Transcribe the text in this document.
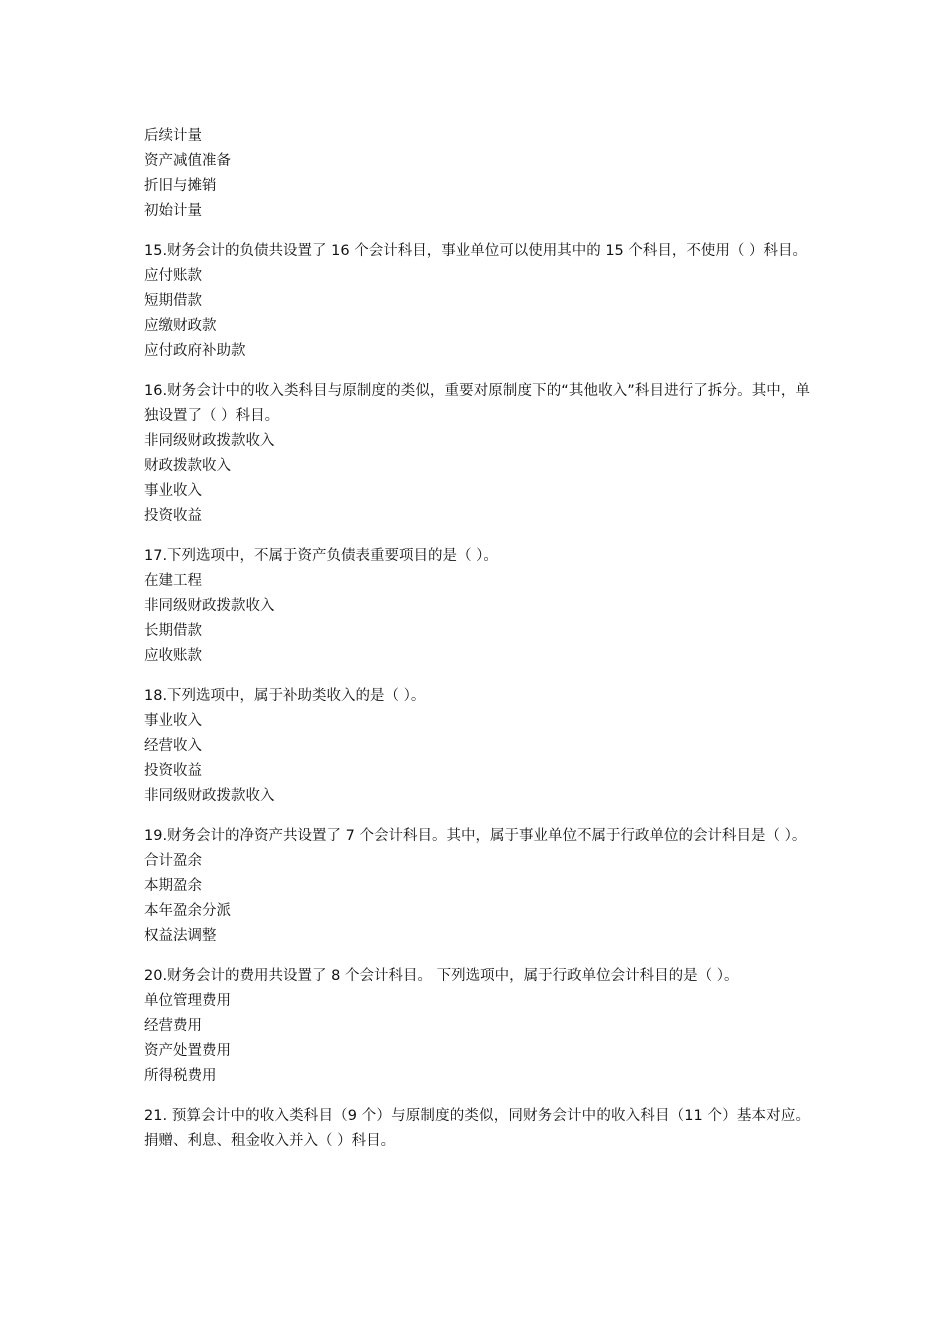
后续计量
资产减值准备
折旧与摊销
初始计量
15.财务会计的负债共设置了 16 个会计科目，事业单位可以使用其中的 15 个科目，不使用（ ）科目。
应付账款
短期借款
应缴财政款
应付政府补助款
16.财务会计中的收入类科目与原制度的类似，重要对原制度下的“其他收入”科目进行了拆分。其中，单独设置了（ ）科目。
非同级财政拨款收入
财政拨款收入
事业收入
投资收益
17.下列选项中，不属于资产负债表重要项目的是（ ）。
在建工程
非同级财政拨款收入
长期借款
应收账款
18.下列选项中，属于补助类收入的是（ ）。
事业收入
经营收入
投资收益
非同级财政拨款收入
19.财务会计的净资产共设置了 7 个会计科目。其中，属于事业单位不属于行政单位的会计科目是（ ）。
合计盈余
本期盈余
本年盈余分派
权益法调整
20.财务会计的费用共设置了 8 个会计科目。 下列选项中，属于行政单位会计科目的是（ ）。
单位管理费用
经营费用
资产处置费用
所得税费用
21. 预算会计中的收入类科目（9 个）与原制度的类似，同财务会计中的收入科目（11 个）基本对应。捐赠、利息、租金收入并入（ ）科目。
